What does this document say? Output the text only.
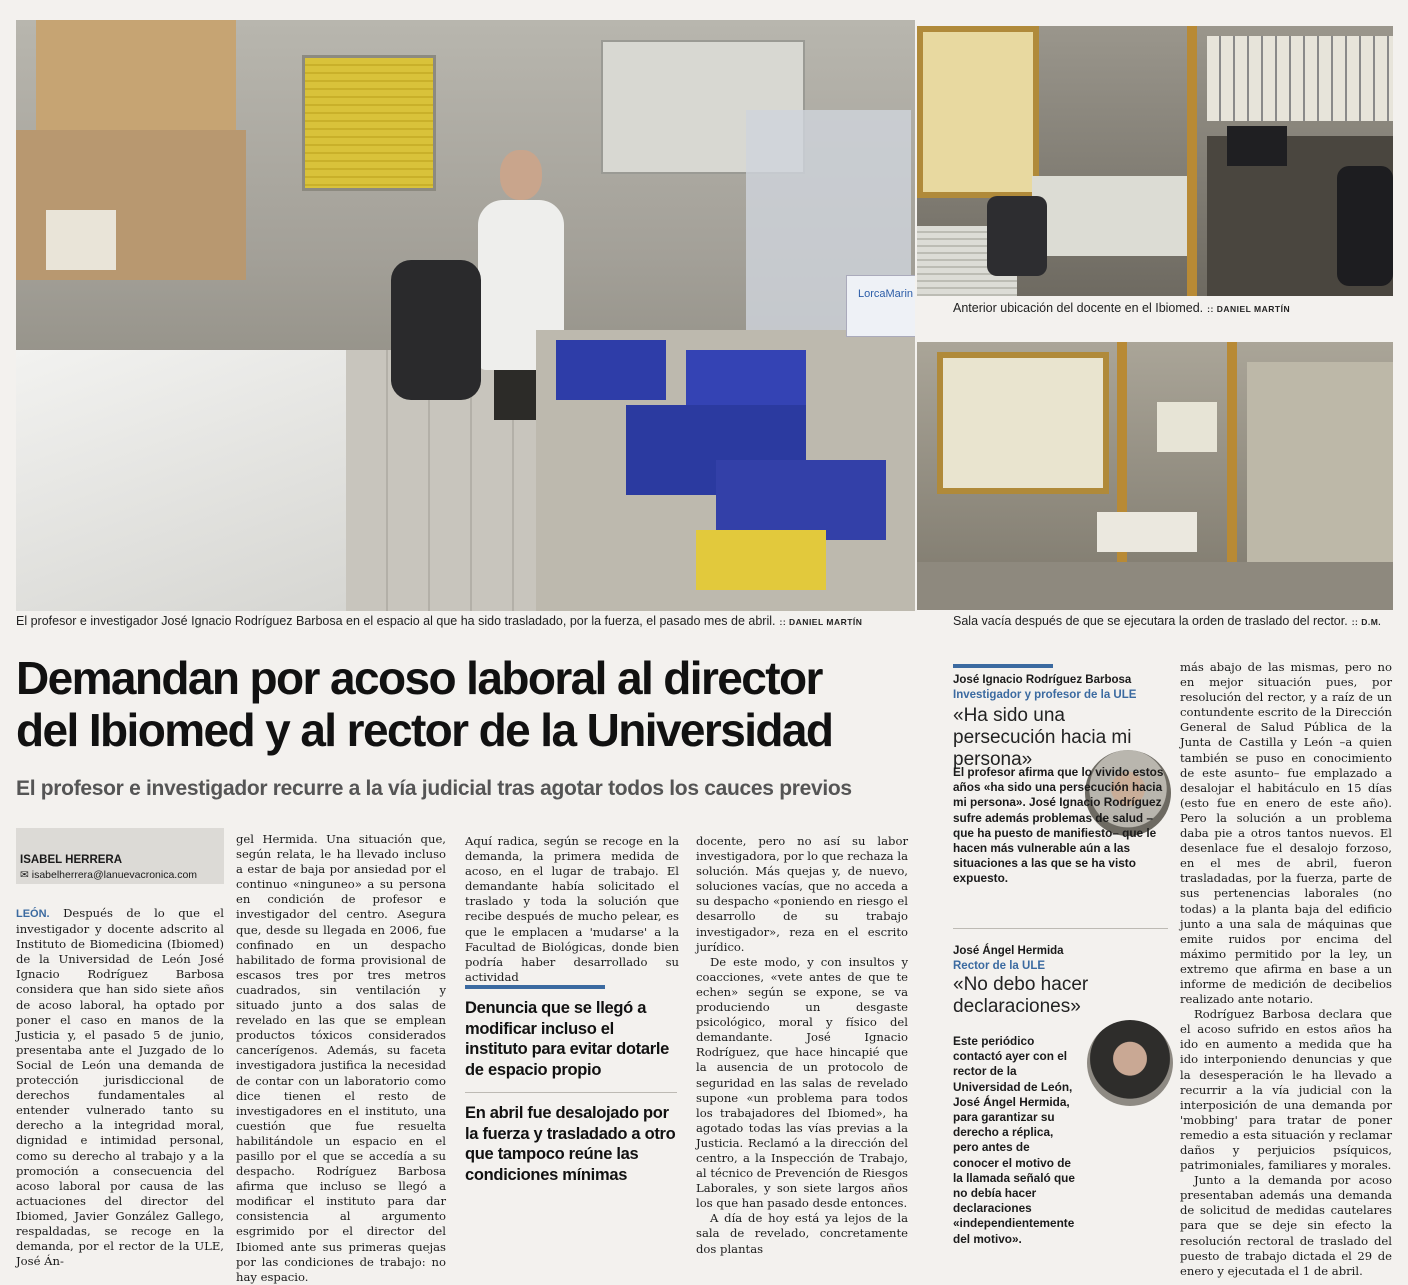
LorcaMarin
El profesor e investigador José Ignacio Rodríguez Barbosa en el espacio al que ha sido trasladado, por la fuerza, el pasado mes de abril. :: DANIEL MARTÍN
Anterior ubicación del docente en el Ibiomed. :: DANIEL MARTÍN
Sala vacía después de que se ejecutara la orden de traslado del rector. :: D.M.
Demandan por acoso laboral al director
del Ibiomed y al rector de la Universidad
El profesor e investigador recurre a la vía judicial tras agotar todos los cauces previos
ISABEL HERRERA
✉ isabelherrera@lanuevacronica.com

LEÓN. Después de lo que el investigador y docente adscrito al Instituto de Biomedicina (Ibiomed) de la Universidad de León José Ignacio Rodríguez Barbosa considera que han sido siete años de acoso laboral, ha optado por poner el caso en manos de la Justicia y, el pasado 5 de junio, presentaba ante el Juzgado de lo Social de León una demanda de protección jurisdiccional de derechos fundamentales al entender vulnerado tanto su derecho a la integridad moral, dignidad e intimidad personal, como su derecho al trabajo y a la promoción a consecuencia del acoso laboral por causa de las actuaciones del director del Ibiomed, Javier González Gallego, respaldadas, se recoge en la demanda, por el rector de la ULE, José Án-

gel Hermida. Una situación que, según relata, le ha llevado incluso a estar de baja por ansiedad por el continuo «ninguneo» a su persona en condición de profesor e investigador del centro. Asegura que, desde su llegada en 2006, fue confinado en un despacho habilitado de forma provisional de escasos tres por tres metros cuadrados, sin ventilación y situado junto a dos salas de revelado en las que se emplean productos tóxicos considerados cancerígenos. Además, su faceta investigadora justifica la necesidad de contar con un laboratorio como dice tienen el resto de investigadores en el instituto, una cuestión que fue resuelta habilitándole un espacio en el pasillo por el que se accedía a su despacho. Rodríguez Barbosa afirma que incluso se llegó a modificar el instituto para dar consistencia al argumento esgrimido por el director del Ibiomed ante sus primeras quejas por las condiciones de trabajo: no hay espacio.

Aquí radica, según se recoge en la demanda, la primera medida de acoso, en el lugar de trabajo. El demandante había solicitado el traslado y toda la solución que recibe después de mucho pelear, es que le emplacen a 'mudarse' a la Facultad de Biológicas, donde bien podría haber desarrollado su actividad

Denuncia que se llegó a modificar incluso el instituto para evitar dotarle de espacio propio
En abril fue desalojado por la fuerza y trasladado a otro que tampoco reúne las condiciones mínimas

docente, pero no así su labor investigadora, por lo que rechaza la solución. Más quejas y, de nuevo, soluciones vacías, que no acceda a su despacho «poniendo en riesgo el desarrollo de su trabajo investigador», reza en el escrito jurídico.

De este modo, y con insultos y coacciones, «vete antes de que te echen» según se expone, se va produciendo un desgaste psicológico, moral y físico del demandante. José Ignacio Rodríguez, que hace hincapié que la ausencia de un protocolo de seguridad en las salas de revelado supone «un problema para todos los trabajadores del Ibiomed», ha agotado todas las vías previas a la Justicia. Reclamó a la dirección del centro, a la Inspección de Trabajo, al técnico de Prevención de Riesgos Laborales, y son siete largos años los que han pasado desde entonces.

A día de hoy está ya lejos de la sala de revelado, concretamente dos plantas

José Ignacio Rodríguez Barbosa
Investigador y profesor de la ULE
«Ha sido una persecución hacia mi persona»
El profesor afirma que lo vivido estos años «ha sido una persecución hacia mi persona». José Ignacio Rodríguez sufre además problemas de salud –que ha puesto de manifiesto– que le hacen más vulnerable aún a las situaciones a las que se ha visto expuesto.
José Ángel Hermida
Rector de la ULE
«No debo hacer declaraciones»
Este periódico contactó ayer con el rector de la Universidad de León, José Ángel Hermida, para garantizar su derecho a réplica, pero antes de conocer el motivo de la llamada señaló que no debía hacer declaraciones «independientemente del motivo».

más abajo de las mismas, pero no en mejor situación pues, por resolución del rector, y a raíz de un contundente escrito de la Dirección General de Salud Pública de la Junta de Castilla y León –a quien también se puso en conocimiento de este asunto– fue emplazado a desalojar el habitáculo en 15 días (esto fue en enero de este año). Pero la solución a un problema daba pie a otros tantos nuevos. El desenlace fue el desalojo forzoso, en el mes de abril, fueron trasladadas, por la fuerza, parte de sus pertenencias laborales (no todas) a la planta baja del edificio junto a una sala de máquinas que emite ruidos por encima del máximo permitido por la ley, un extremo que afirma en base a un informe de medición de decibelios realizado ante notario.

Rodríguez Barbosa declara que el acoso sufrido en estos años ha ido en aumento a medida que ha ido interponiendo denuncias y que la desesperación le ha llevado a recurrir a la vía judicial con la interposición de una demanda por 'mobbing' para tratar de poner remedio a esta situación y reclamar daños y perjuicios psíquicos, patrimoniales, familiares y morales.

Junto a la demanda por acoso presentaban además una demanda de solicitud de medidas cautelares para que se deje sin efecto la resolución rectoral de traslado del puesto de trabajo dictada el 29 de enero y ejecutada el 1 de abril.
